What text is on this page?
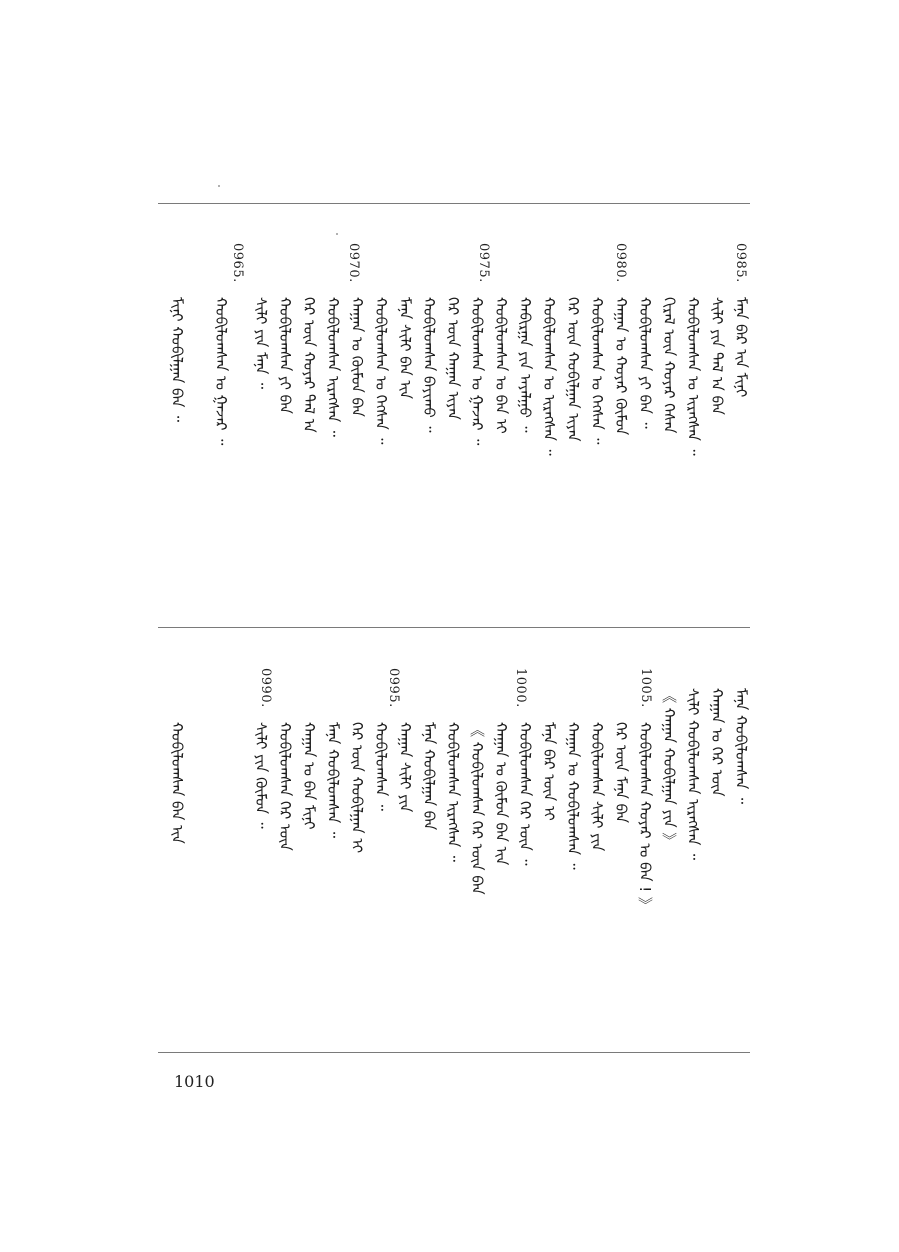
0985.
0980.
0975.
0970.
0965.
ᠮᠠᠨᠠ ᠪᠡᠷ ᠢᠨ ᠮᠢᠨᠢ
ᠰᠢᠯᠢ ᠶᠢᠨ ᠲᠠᠯ ᠠ ᠪᠠᠨ
ᠬᠤᠪᠢᠯᠤᠭᠰᠠᠨ ᠤ ᠢᠷᠡᠭᠰᠡᠨ ᠃
ᠭᠢᠷᠡᠯ ᠦᠨ ᠬᠣᠶᠠᠷ ᠭᠡᠰᠡᠨ
ᠬᠤᠪᠢᠯᠤᠭᠰᠠᠨ ᠶᠢ ᠪᠡᠨ ᠃
ᠬᠠᠭᠠᠨ ᠤ ᠬᠣᠶᠠᠷ ᠬᠦᠮᠦᠨ
ᠬᠤᠪᠢᠯᠤᠭᠰᠠᠨ ᠤ ᠬᠡᠭᠰᠡᠨ ᠃
ᠭᠡᠷ ᠦᠨ ᠬᠤᠪᠢᠯᠭᠠᠨ ᠢᠶᠠᠨ
ᠬᠤᠪᠢᠯᠤᠭᠰᠠᠨ ᠤ ᠢᠷᠡᠭᠰᠡᠨ ᠃
ᠬᠠᠪᠢᠷᠭᠠ ᠶᠢᠨ ᠠᠶᠠᠯᠭᠤ ᠃
ᠬᠤᠪᠢᠯᠤᠭᠰᠠᠨ ᠤ ᠪᠡᠨ ᠢ
ᠬᠤᠪᠢᠯᠤᠭᠰᠠᠨ ᠤ ᠭᠠᠵᠠᠷ ᠃
ᠭᠡᠷ ᠦᠨ ᠬᠠᠭᠠᠨ ᠢᠶᠠᠨ
ᠬᠤᠪᠢᠯᠤᠭᠰᠠᠨ ᠪᠠᠶᠢᠬᠤ ᠃
ᠮᠠᠨᠠ ᠰᠢᠯᠢ ᠪᠡᠨ ᠢᠨ
ᠬᠤᠪᠢᠯᠤᠭᠰᠠᠨ ᠤ ᠬᠡᠭᠰᠡᠨ ᠃
ᠬᠠᠭᠠᠨ ᠤ ᠬᠦᠮᠦᠨ ᠪᠡᠨ
ᠬᠤᠪᠢᠯᠤᠭᠰᠠᠨ ᠢᠷᠡᠭᠰᠡᠨ ᠃
ᠭᠡᠷ ᠦᠨ ᠬᠣᠶᠠᠷ ᠲᠠᠯ ᠠ
ᠬᠤᠪᠢᠯᠤᠭᠰᠠᠨ ᠶᠢ ᠪᠡᠨ
ᠰᠢᠯᠢ ᠶᠢᠨ ᠮᠠᠨᠠ ᠃
ᠬᠤᠪᠢᠯᠤᠭᠰᠠᠨ ᠤ ᠭᠠᠵᠠᠷ ᠃
ᠮᠢᠨᠢ ᠬᠤᠪᠢᠯᠭᠠᠨ ᠪᠡᠨ ᠃
1005.
1000.
0995.
0990.
ᠮᠠᠨᠠ ᠬᠤᠪᠢᠯᠤᠭᠰᠠᠨ ᠃
ᠬᠠᠭᠠᠨ ᠤ ᠭᠡᠷ ᠦᠨ
ᠰᠢᠯᠢ ᠬᠤᠪᠢᠯᠤᠭᠰᠠᠨ ᠢᠷᠡᠭᠰᠡᠨ ᠃
《 ᠬᠠᠭᠠᠨ ᠬᠤᠪᠢᠯᠭᠠᠨ ᠶᠢᠨ 》
ᠬᠤᠪᠢᠯᠤᠭᠰᠠᠨ ᠬᠣᠶᠠᠷ ᠤ ᠪᠡᠨ ! 》
ᠭᠡᠷ ᠦᠨ ᠮᠠᠨᠠ ᠪᠡᠨ
ᠬᠤᠪᠢᠯᠤᠭᠰᠠᠨ ᠰᠢᠯᠢ ᠶᠢᠨ
ᠬᠠᠭᠠᠨ ᠤ ᠬᠤᠪᠢᠯᠤᠭᠰᠠᠨ ᠃
ᠮᠠᠨᠠ ᠪᠡᠷ ᠦᠨ ᠢ
ᠬᠤᠪᠢᠯᠤᠭᠰᠠᠨ ᠭᠡᠷ ᠦᠨ ᠃
ᠬᠠᠭᠠᠨ ᠤ ᠬᠦᠮᠦᠨ ᠪᠡᠨ ᠢᠨ
《 ᠬᠤᠪᠢᠯᠤᠭᠰᠠᠨ ᠭᠡᠷ ᠦᠨ ᠪᠡᠨ
ᠬᠤᠪᠢᠯᠤᠭᠰᠠᠨ ᠢᠷᠡᠭᠰᠡᠨ ᠃
ᠮᠠᠨᠠ ᠬᠤᠪᠢᠯᠭᠠᠨ ᠪᠡᠨ
ᠬᠠᠭᠠᠨ ᠰᠢᠯᠢ ᠶᠢᠨ
ᠬᠤᠪᠢᠯᠤᠭᠰᠠᠨ ᠃
ᠭᠡᠷ ᠦᠨ ᠬᠤᠪᠢᠯᠭᠠᠨ ᠢ
ᠮᠠᠨᠠ ᠬᠤᠪᠢᠯᠤᠭᠰᠠᠨ ᠃
ᠬᠠᠭᠠᠨ ᠤ ᠪᠡᠨ ᠮᠢᠨᠢ
ᠬᠤᠪᠢᠯᠤᠭᠰᠠᠨ ᠭᠡᠷ ᠦᠨ
ᠰᠢᠯᠢ ᠶᠢᠨ ᠬᠦᠮᠦᠨ ᠃
ᠬᠤᠪᠢᠯᠤᠭᠰᠠᠨ ᠪᠡᠨ ᠢᠨ
1010
